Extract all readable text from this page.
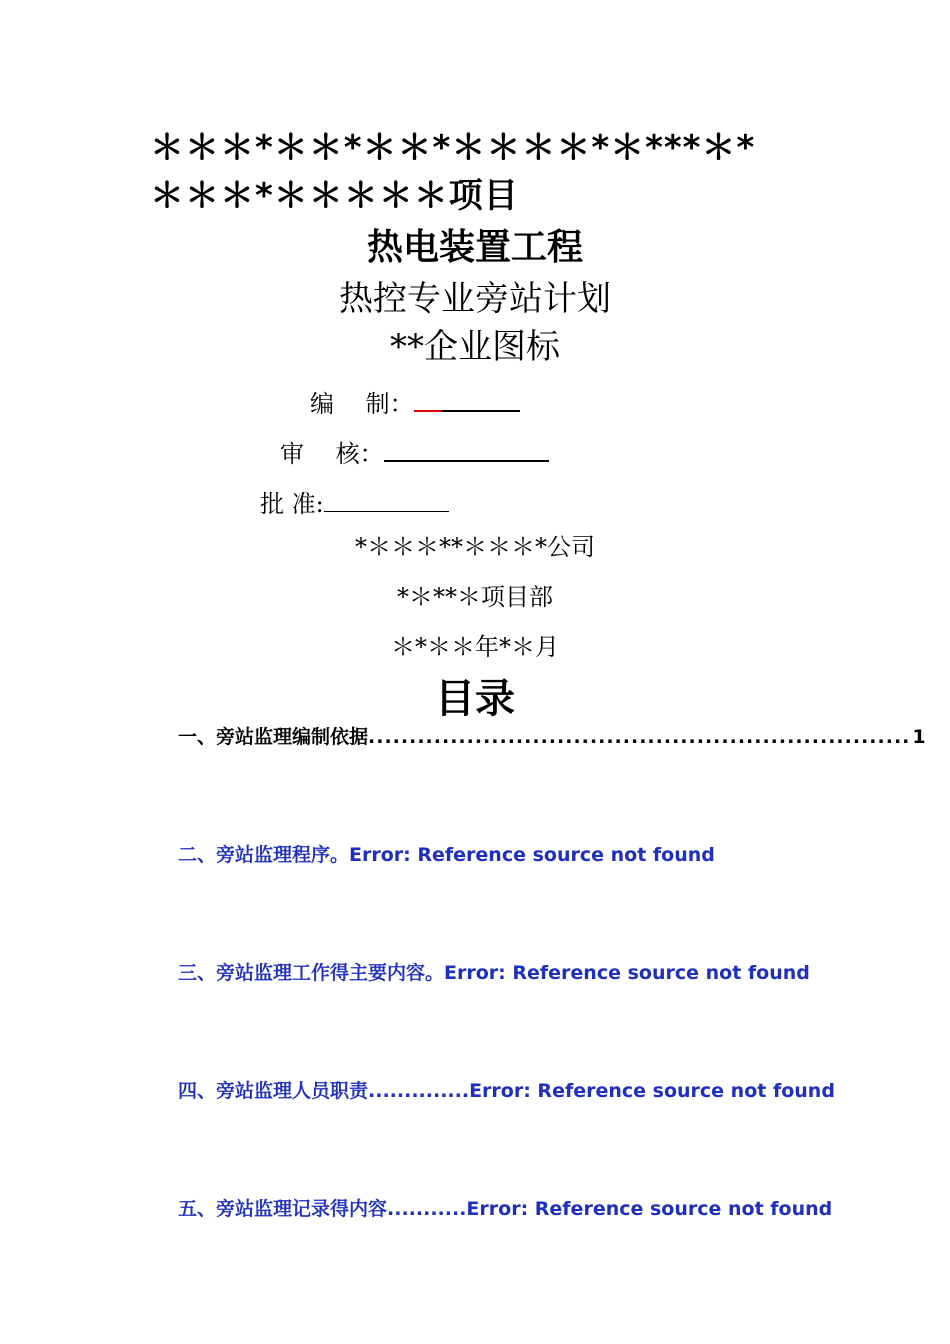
＊＊＊*＊＊*＊＊*＊＊＊＊*＊***＊*
＊＊＊*＊＊＊＊＊项目
热电装置工程
热控专业旁站计划
**企业图标
编　 制：
审　 核：
批 准:
*＊＊＊**＊＊＊*公司
*＊**＊项目部
＊*＊＊年*＊月
目录
一、旁站监理编制依据 .................................................................. 1
二、旁站监理程序 。 Error: Reference source not found
三、旁站监理工作得主要内容 。 Error: Reference source not found
四、旁站监理人员职责 .............. Error: Reference source not found
五、旁站监理记录得内容 ........... Error: Reference source not found
